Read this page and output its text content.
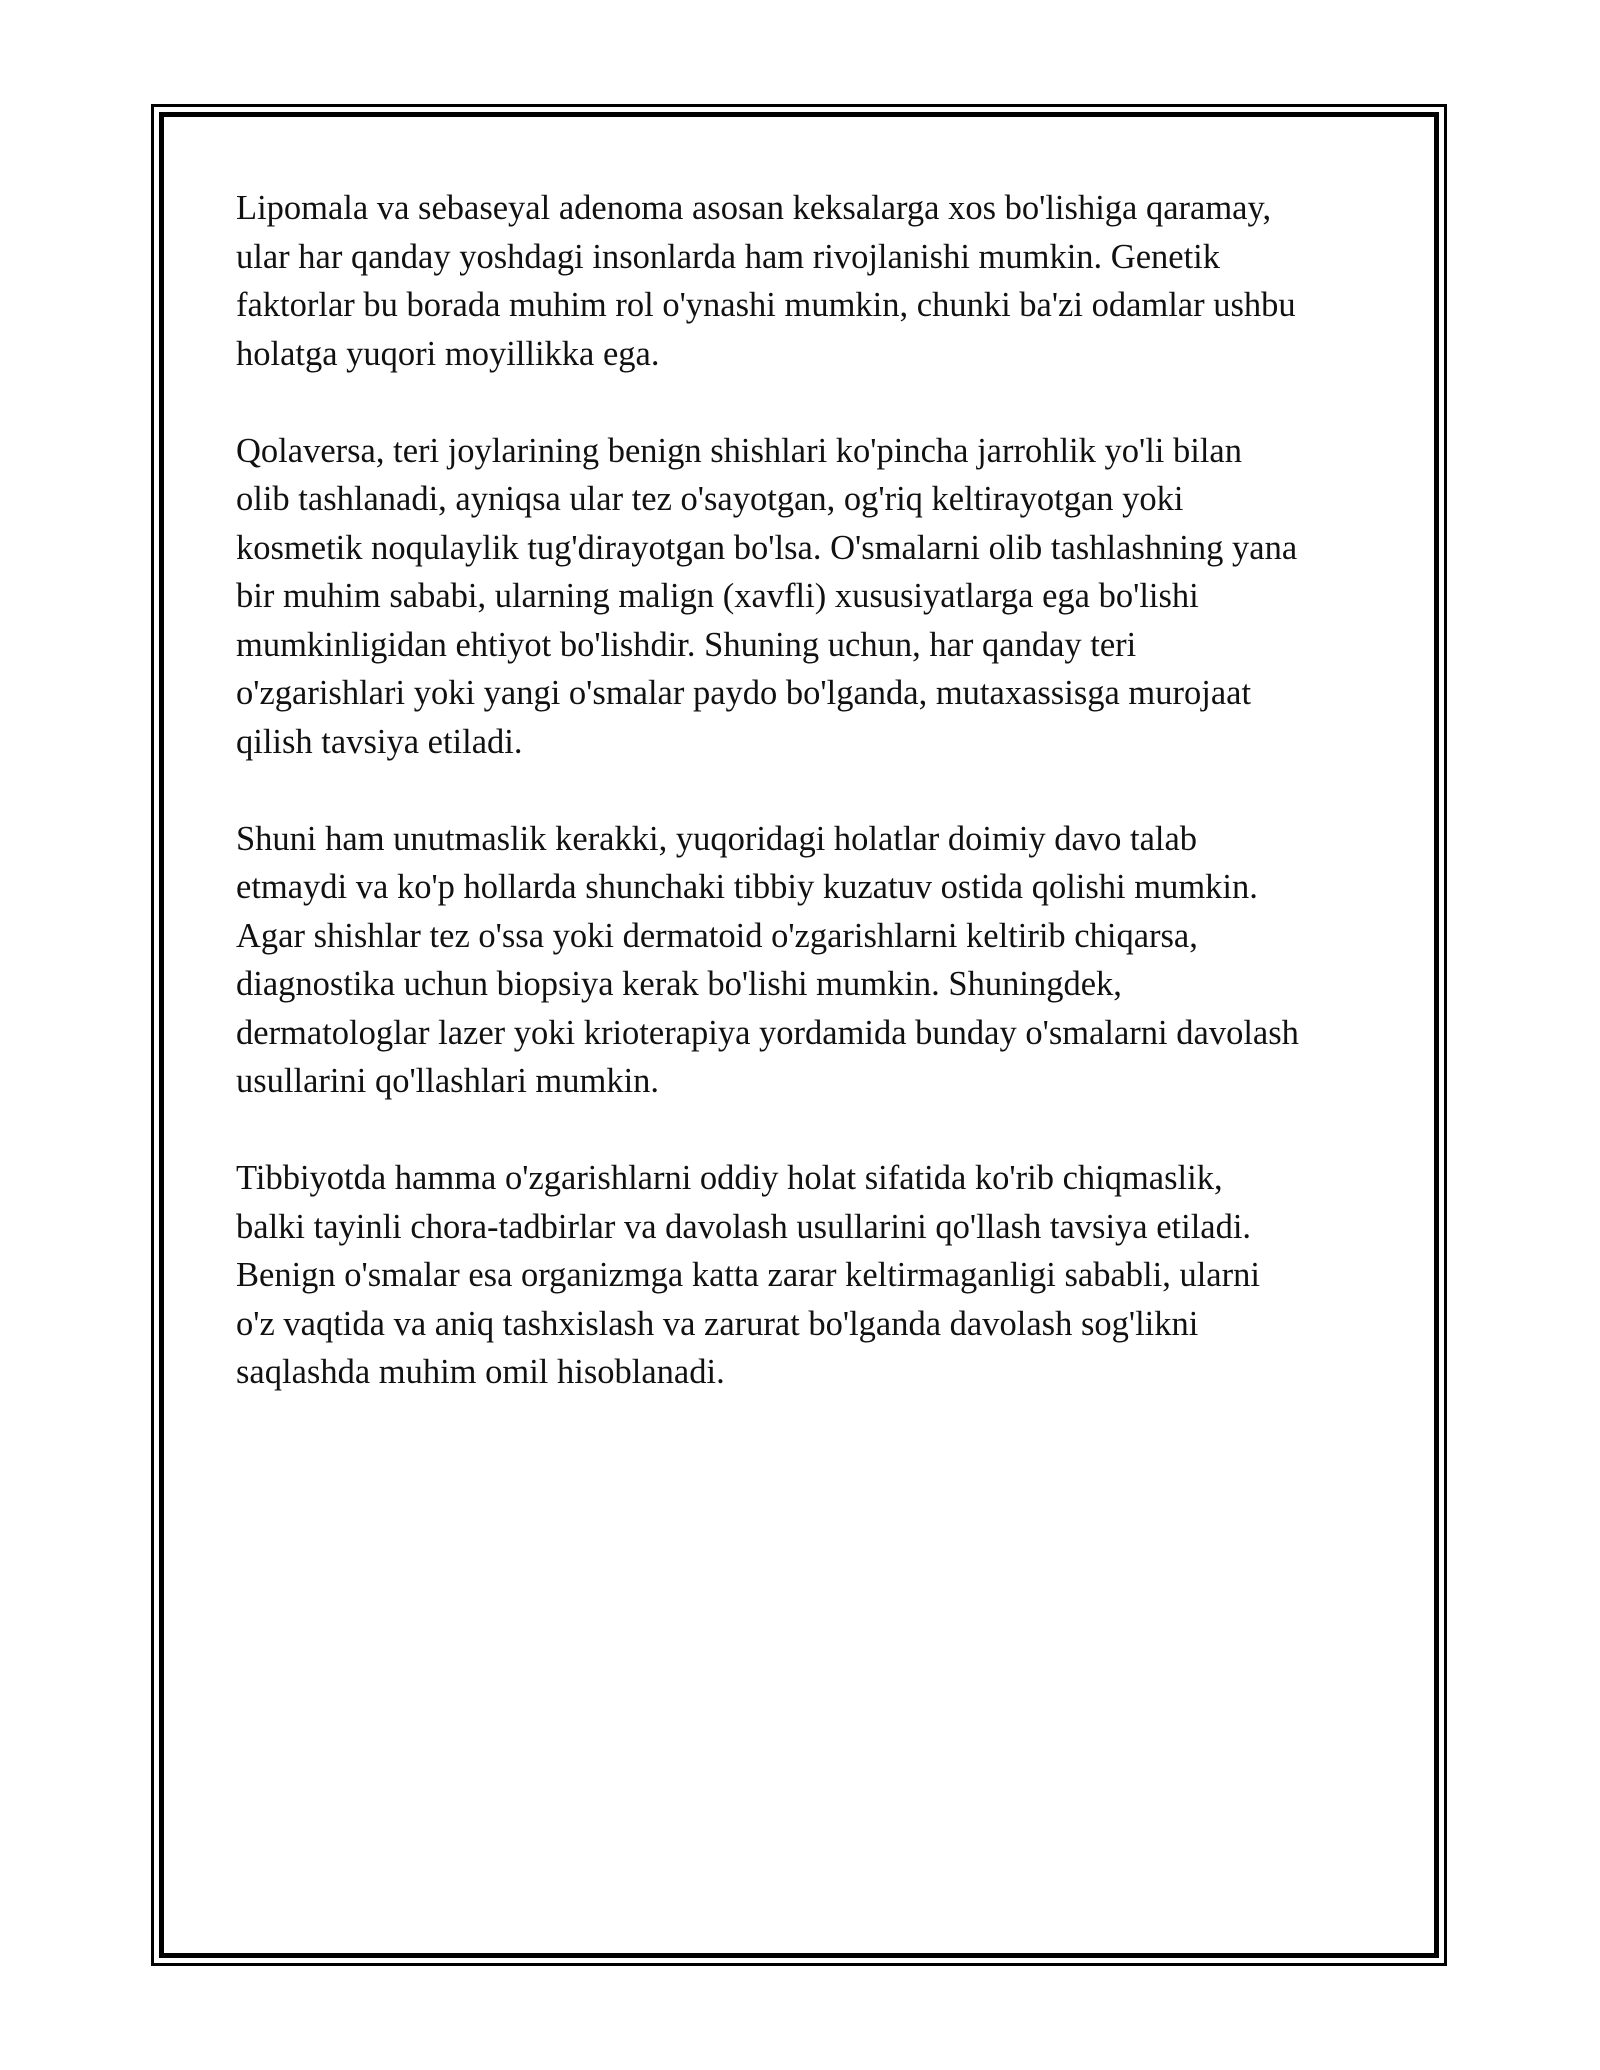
Lipomala va sebaseyal adenoma asosan keksalarga xos bo'lishiga qaramay,
ular har qanday yoshdagi insonlarda ham rivojlanishi mumkin. Genetik
faktorlar bu borada muhim rol o'ynashi mumkin, chunki ba'zi odamlar ushbu
holatga yuqori moyillikka ega.

Qolaversa, teri joylarining benign shishlari ko'pincha jarrohlik yo'li bilan
olib tashlanadi, ayniqsa ular tez o'sayotgan, og'riq keltirayotgan yoki
kosmetik noqulaylik tug'dirayotgan bo'lsa. O'smalarni olib tashlashning yana
bir muhim sababi, ularning malign (xavfli) xususiyatlarga ega bo'lishi
mumkinligidan ehtiyot bo'lishdir. Shuning uchun, har qanday teri
o'zgarishlari yoki yangi o'smalar paydo bo'lganda, mutaxassisga murojaat
qilish tavsiya etiladi.

Shuni ham unutmaslik kerakki, yuqoridagi holatlar doimiy davo talab
etmaydi va ko'p hollarda shunchaki tibbiy kuzatuv ostida qolishi mumkin.
Agar shishlar tez o'ssa yoki dermatoid o'zgarishlarni keltirib chiqarsa,
diagnostika uchun biopsiya kerak bo'lishi mumkin. Shuningdek,
dermatologlar lazer yoki krioterapiya yordamida bunday o'smalarni davolash
usullarini qo'llashlari mumkin.

Tibbiyotda hamma o'zgarishlarni oddiy holat sifatida ko'rib chiqmaslik,
balki tayinli chora-tadbirlar va davolash usullarini qo'llash tavsiya etiladi.
Benign o'smalar esa organizmga katta zarar keltirmaganligi sababli, ularni
o'z vaqtida va aniq tashxislash va zarurat bo'lganda davolash sog'likni
saqlashda muhim omil hisoblanadi.
